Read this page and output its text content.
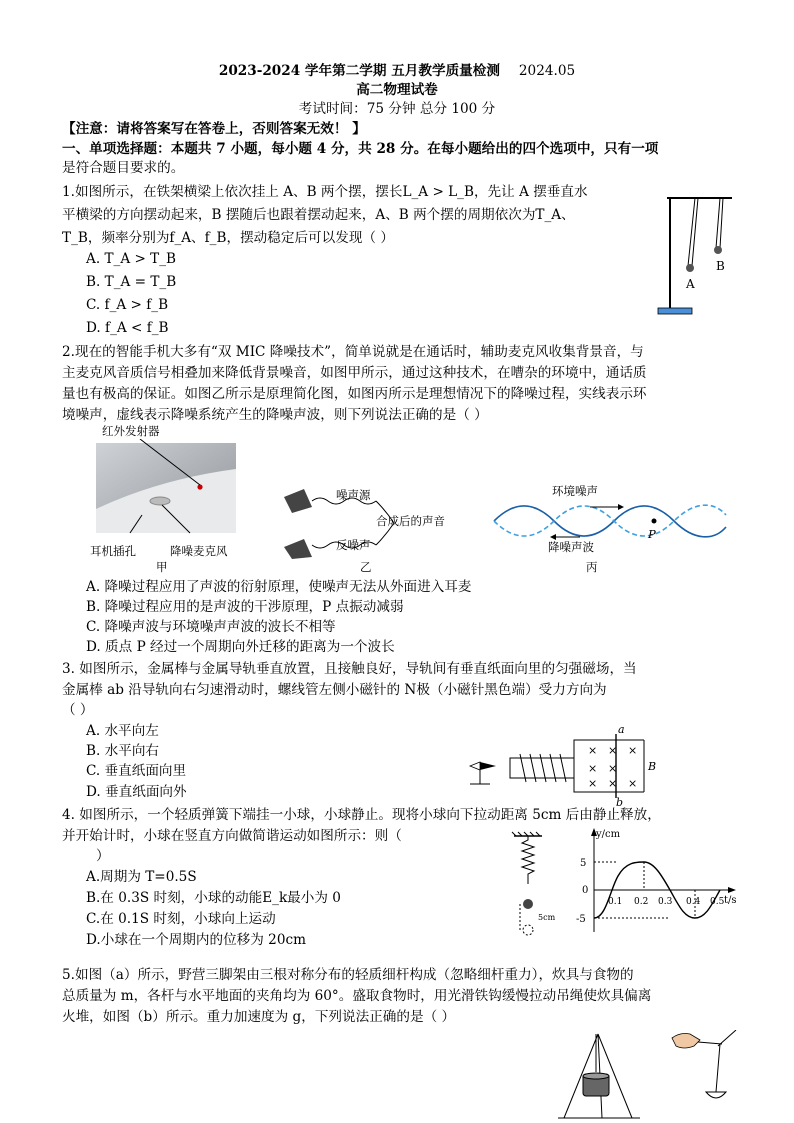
2023-2024 学年第二学期 五月教学质量检测 2024.05
高二物理试卷
考试时间：75 分钟 总分 100 分
【注意：请将答案写在答卷上，否则答案无效！ 】
一、单项选择题：本题共 7 小题，每小题 4 分，共 28 分。在每小题给出的四个选项中，只有一项
是符合题目要求的。
1.如图所示，在铁架横梁上依次挂上 A、B 两个摆，摆长L_A > L_B，先让 A 摆垂直水
平横梁的方向摆动起来，B 摆随后也跟着摆动起来，A、B 两个摆的周期依次为T_A、
T_B，频率分别为f_A、f_B，摆动稳定后可以发现（ ）
A. T_A > T_B
B. T_A = T_B
C. f_A > f_B
D. f_A < f_B
A
B
2.现在的智能手机大多有“双 MIC 降噪技术”，简单说就是在通话时，辅助麦克风收集背景音，与
主麦克风音质信号相叠加来降低背景噪音，如图甲所示，通过这种技术，在嘈杂的环境中，通话质
量也有极高的保证。如图乙所示是原理简化图，如图丙所示是理想情况下的降噪过程，实线表示环
境噪声，虚线表示降噪系统产生的降噪声波，则下列说法正确的是（ ）
红外发射器
耳机插孔	降噪麦克风
甲
噪声源
合成后的声音
反噪声
乙
环境噪声
降噪声波
P
丙
A. 降噪过程应用了声波的衍射原理，使噪声无法从外面进入耳麦
B. 降噪过程应用的是声波的干涉原理，P 点振动减弱
C. 降噪声波与环境噪声声波的波长不相等
D. 质点 P 经过一个周期向外迁移的距离为一个波长
3. 如图所示，金属棒与金属导轨垂直放置，且接触良好，导轨间有垂直纸面向里的匀强磁场，当
金属棒 ab 沿导轨向右匀速滑动时，螺线管左侧小磁针的 N极（小磁针黑色端）受力方向为
（ ）
A. 水平向左
B. 水平向右
C. 垂直纸面向里
D. 垂直纸面向外
× × ×
× ×
× × ×
a
b
B
4. 如图所示，一个轻质弹簧下端挂一小球，小球静止。现将小球向下拉动距离 5cm 后由静止释放，
并开始计时，小球在竖直方向做简谐运动如图所示：则（
）
A.周期为 T=0.5S
B.在 0.3S 时刻，小球的动能E_k最小为 0
C.在 0.1S 时刻，小球向上运动
D.小球在一个周期内的位移为 20cm
5cm
y/cm
t/s
5
0
-5
0.1 0.2 0.3 0.4 0.5
5.如图（a）所示，野营三脚架由三根对称分布的轻质细杆构成（忽略细杆重力），炊具与食物的
总质量为 m，各杆与水平地面的夹角均为 60°。盛取食物时，用光滑铁钩缓慢拉动吊绳使炊具偏离
火堆，如图（b）所示。重力加速度为 g，下列说法正确的是（ ）
